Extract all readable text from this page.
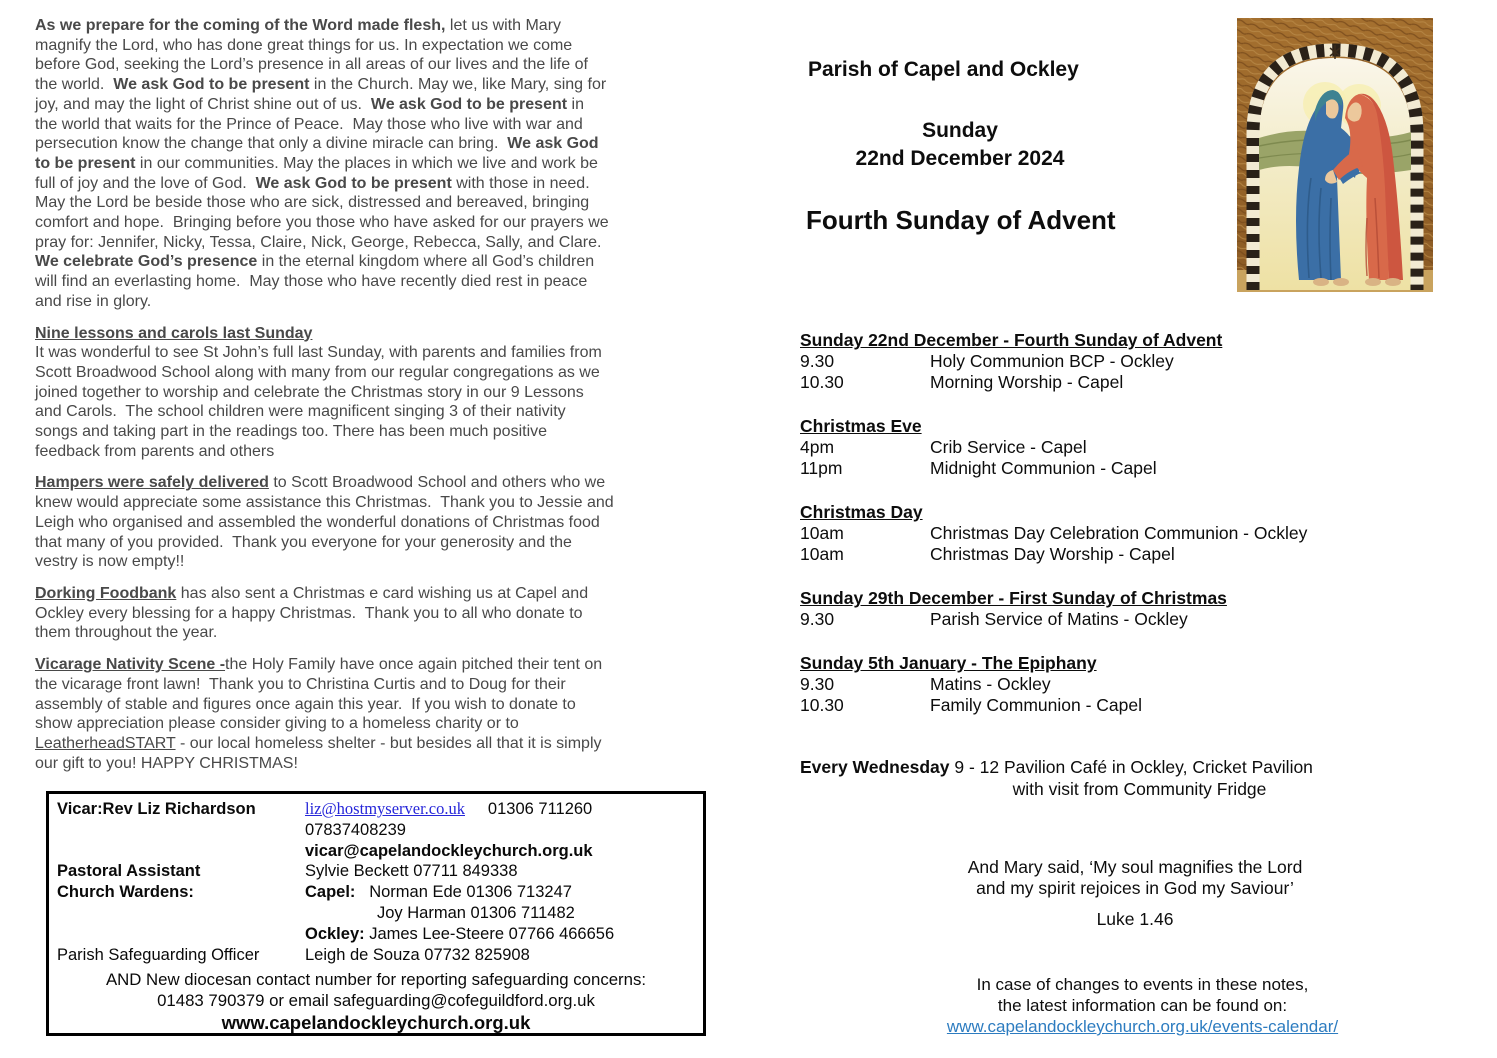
As we prepare for the coming of the Word made flesh, let us with Mary
magnify the Lord, who has done great things for us. In expectation we come
before God, seeking the Lord’s presence in all areas of our lives and the life of
the world.  We ask God to be present in the Church. May we, like Mary, sing for
joy, and may the light of Christ shine out of us.  We ask God to be present in
the world that waits for the Prince of Peace.  May those who live with war and
persecution know the change that only a divine miracle can bring.  We ask God
to be present in our communities. May the places in which we live and work be
full of joy and the love of God.  We ask God to be present with those in need.
May the Lord be beside those who are sick, distressed and bereaved, bringing
comfort and hope.  Bringing before you those who have asked for our prayers we
pray for: Jennifer, Nicky, Tessa, Claire, Nick, George, Rebecca, Sally, and Clare.
We celebrate God’s presence in the eternal kingdom where all God’s children
will find an everlasting home.  May those who have recently died rest in peace
and rise in glory.
Nine lessons and carols last Sunday
It was wonderful to see St John’s full last Sunday, with parents and families from
Scott Broadwood School along with many from our regular congregations as we
joined together to worship and celebrate the Christmas story in our 9 Lessons
and Carols.  The school children were magnificent singing 3 of their nativity
songs and taking part in the readings too. There has been much positive
feedback from parents and others
Hampers were safely delivered to Scott Broadwood School and others who we
knew would appreciate some assistance this Christmas.  Thank you to Jessie and
Leigh who organised and assembled the wonderful donations of Christmas food
that many of you provided.  Thank you everyone for your generosity and the
vestry is now empty!!
Dorking Foodbank has also sent a Christmas e card wishing us at Capel and
Ockley every blessing for a happy Christmas.  Thank you to all who donate to
them throughout the year.
Vicarage Nativity Scene -the Holy Family have once again pitched their tent on
the vicarage front lawn!  Thank you to Christina Curtis and to Doug for their
assembly of stable and figures once again this year.  If you wish to donate to
show appreciation please consider giving to a homeless charity or to
LeatherheadSTART - our local homeless shelter - but besides all that it is simply
our gift to you! HAPPY CHRISTMAS!
Vicar:Rev Liz Richardson	liz@hostmyserver.co.uk     01306 711260
07837408239
vicar@capelandockleychurch.org.uk
Pastoral Assistant	Sylvie Beckett 07711 849338
Church Wardens:	Capel:   Norman Ede 01306 713247
Joy Harman 01306 711482
Ockley: James Lee-Steere 07766 466656
Parish Safeguarding Officer	Leigh de Souza 07732 825908
AND New diocesan contact number for reporting safeguarding concerns:
01483 790379 or email safeguarding@cofeguildford.org.uk
www.capelandockleychurch.org.uk
Parish of Capel and Ockley
Sunday
22nd December 2024
Fourth Sunday of Advent
Sunday 22nd December - Fourth Sunday of Advent
9.30	Holy Communion BCP - Ockley
10.30	Morning Worship - Capel
Christmas Eve
4pm	Crib Service - Capel
11pm	Midnight Communion - Capel
Christmas Day
10am	Christmas Day Celebration Communion - Ockley
10am	Christmas Day Worship - Capel
Sunday 29th December - First Sunday of Christmas
9.30	Parish Service of Matins - Ockley
Sunday 5th January - The Epiphany
9.30	Matins - Ockley
10.30	Family Communion - Capel
Every Wednesday 9 - 12 Pavilion Café in Ockley, Cricket Pavilion
with visit from Community Fridge
And Mary said, ‘My soul magnifies the Lord
and my spirit rejoices in God my Saviour’
Luke 1.46
In case of changes to events in these notes,
the latest information can be found on:
www.capelandockleychurch.org.uk/events-calendar/
